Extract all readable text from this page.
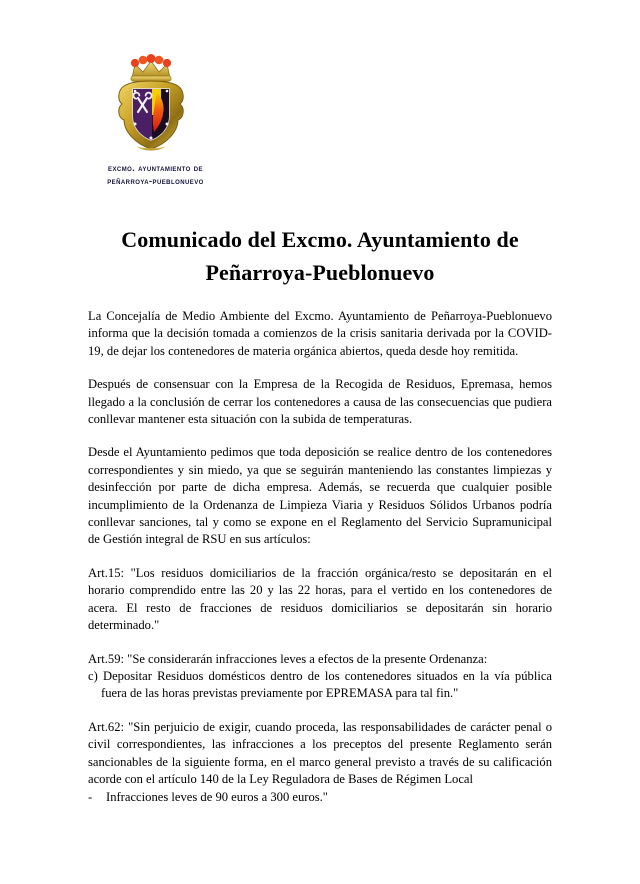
excmo. ayuntamiento de
peñarroya-pueblonuevo
Comunicado del Excmo. Ayuntamiento de
Peñarroya-Pueblonuevo

La Concejalía de Medio Ambiente del Excmo. Ayuntamiento de Peñarroya-Pueblonuevo informa que la decisión tomada a comienzos de la crisis sanitaria derivada por la COVID-19, de dejar los contenedores de materia orgánica abiertos, queda desde hoy remitida.

Después de consensuar con la Empresa de la Recogida de Residuos, Epremasa, hemos llegado a la conclusión de cerrar los contenedores a causa de las consecuencias que pudiera conllevar mantener esta situación con la subida de temperaturas.

Desde el Ayuntamiento pedimos que toda deposición se realice dentro de los contenedores correspondientes y sin miedo, ya que se seguirán manteniendo las constantes limpiezas y desinfección por parte de dicha empresa. Además, se recuerda que cualquier posible incumplimiento de la Ordenanza de Limpieza Viaria y Residuos Sólidos Urbanos podría conllevar sanciones, tal y como se expone en el Reglamento del Servicio Supramunicipal de Gestión integral de RSU en sus artículos:

Art.15: "Los residuos domiciliarios de la fracción orgánica/resto se depositarán en el horario comprendido entre las 20 y las 22 horas, para el vertido en los contenedores de acera. El resto de fracciones de residuos domiciliarios se depositarán sin horario determinado."

Art.59: "Se considerarán infracciones leves a efectos de la presente Ordenanza:
c) Depositar Residuos domésticos dentro de los contenedores situados en la vía pública fuera de las horas previstas previamente por EPREMASA para tal fin."

Art.62: "Sin perjuicio de exigir, cuando proceda, las responsabilidades de carácter penal o civil correspondientes, las infracciones a los preceptos del presente Reglamento serán sancionables de la siguiente forma, en el marco general previsto a través de su calificación acorde con el artículo 140 de la Ley Reguladora de Bases de Régimen Local
- Infracciones leves de 90 euros a 300 euros."
